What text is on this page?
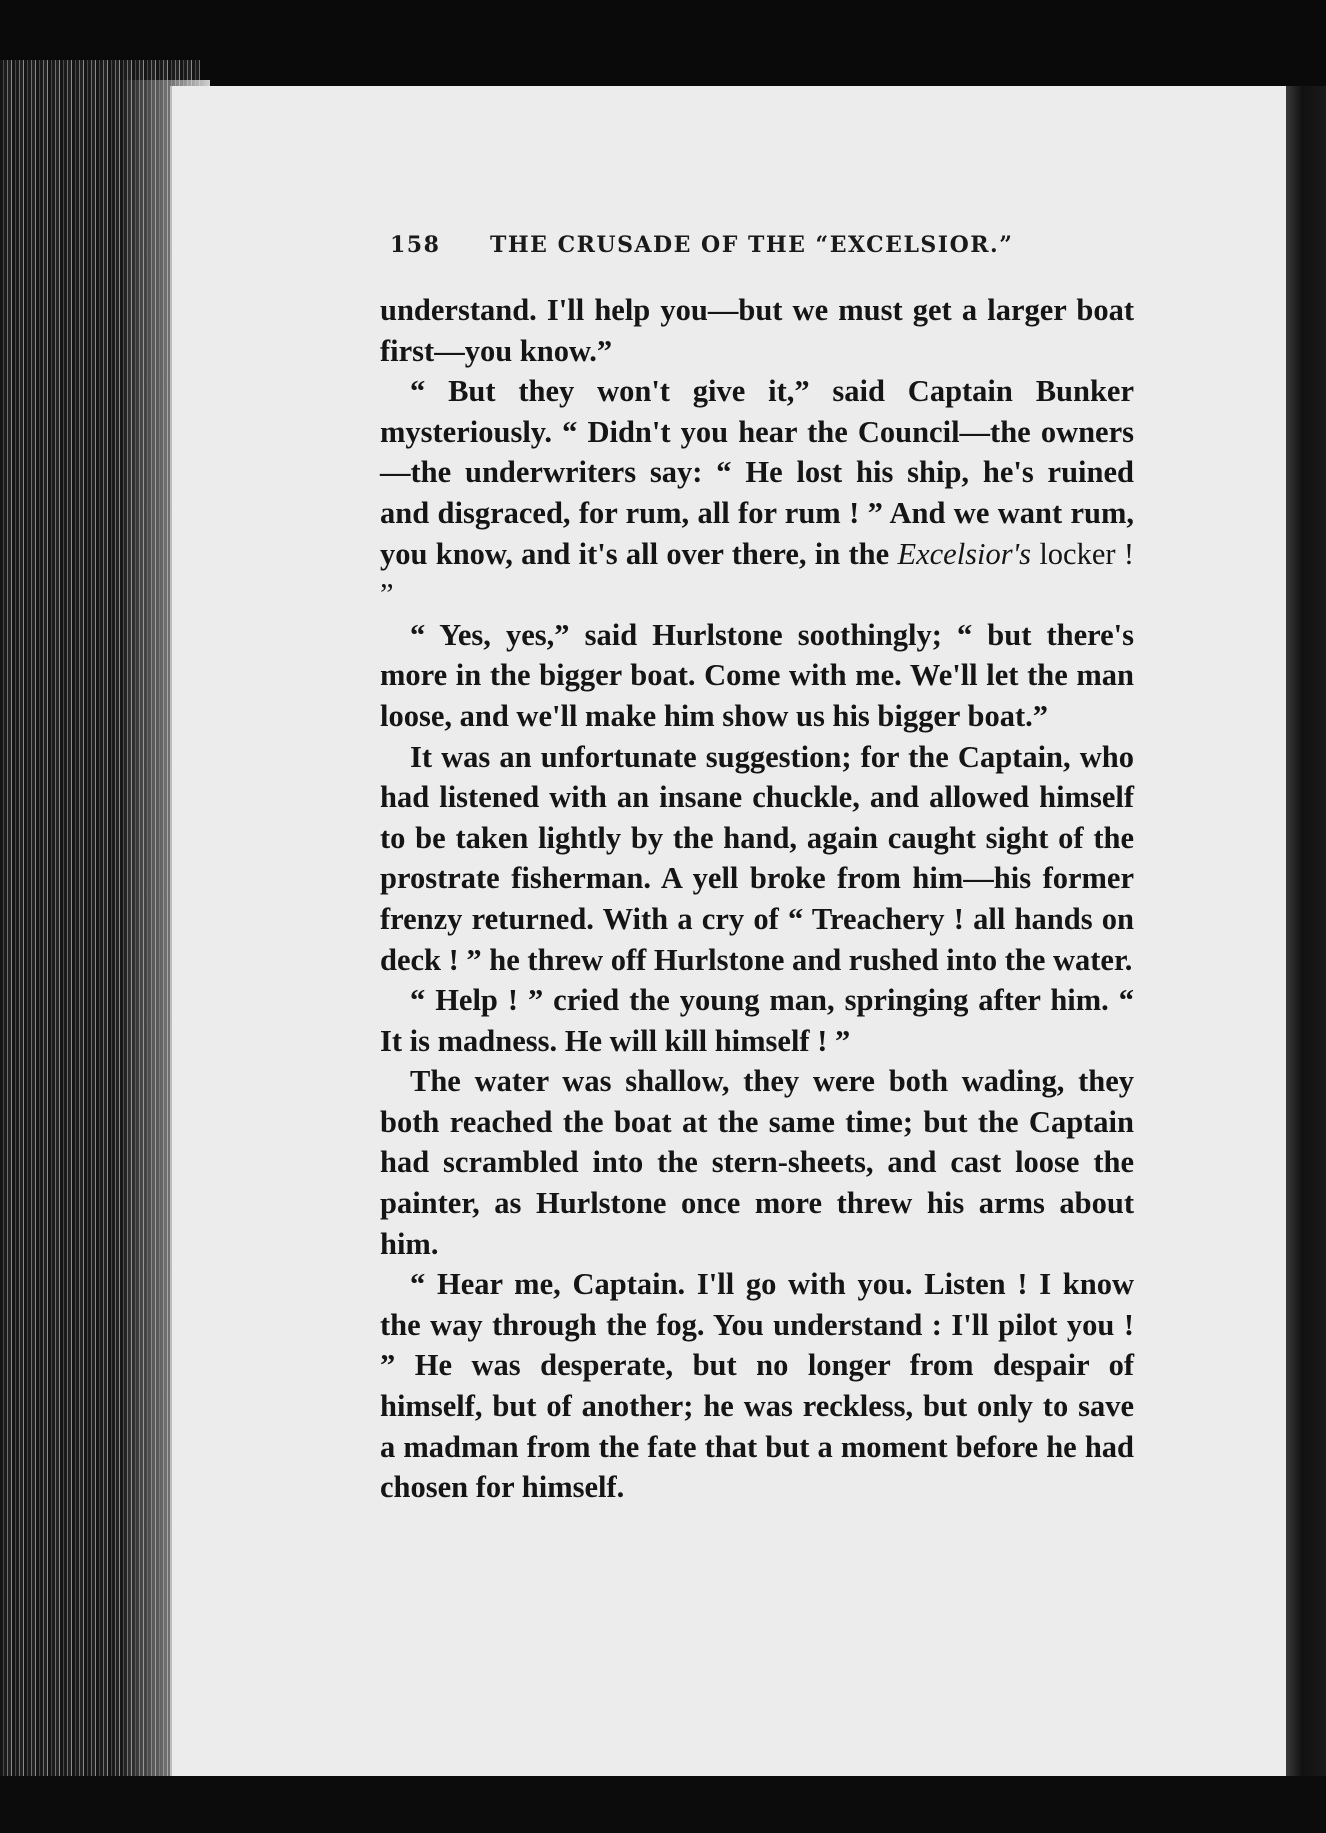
158 THE CRUSADE OF THE “EXCELSIOR.”

understand. I'll help you—but we must get a larger boat first—you know.”

“ But they won't give it,” said Captain Bunker mysteriously. “ Didn't you hear the Council—the owners—the underwriters say: “ He lost his ship, he's ruined and disgraced, for rum, all for rum ! ” And we want rum, you know, and it's all over there, in the Excelsior's locker ! ”

“ Yes, yes,” said Hurlstone soothingly; “ but there's more in the bigger boat. Come with me. We'll let the man loose, and we'll make him show us his bigger boat.”

It was an unfortunate suggestion; for the Captain, who had listened with an insane chuckle, and allowed himself to be taken lightly by the hand, again caught sight of the prostrate fisherman. A yell broke from him—his former frenzy returned. With a cry of “ Treachery ! all hands on deck ! ” he threw off Hurlstone and rushed into the water.

“ Help ! ” cried the young man, springing after him. “ It is madness. He will kill himself ! ”

The water was shallow, they were both wading, they both reached the boat at the same time; but the Captain had scrambled into the stern-sheets, and cast loose the painter, as Hurlstone once more threw his arms about him.

“ Hear me, Captain. I'll go with you. Listen ! I know the way through the fog. You understand : I'll pilot you ! ” He was desperate, but no longer from despair of himself, but of another; he was reckless, but only to save a madman from the fate that but a moment before he had chosen for himself.
